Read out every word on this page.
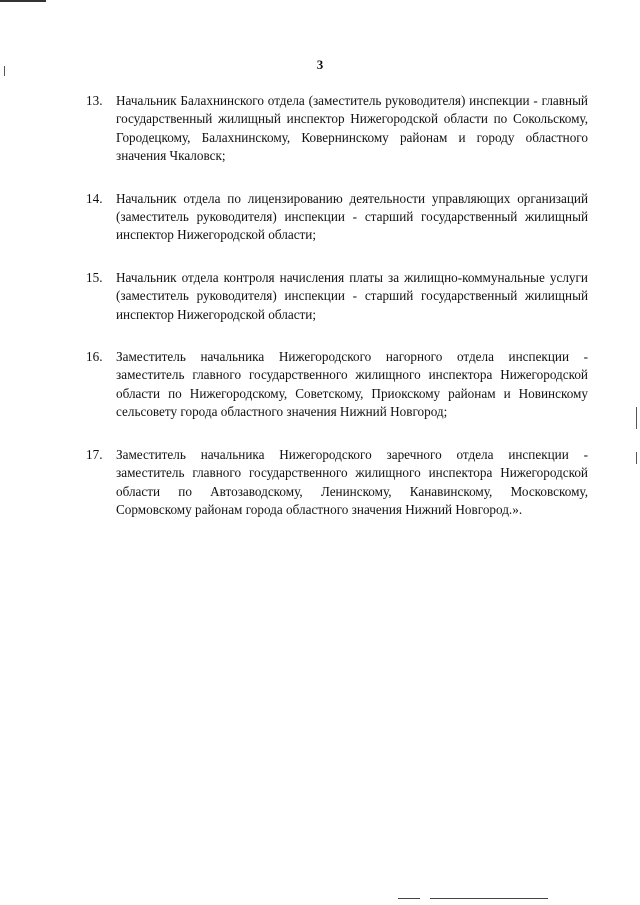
3
13. Начальник Балахнинского отдела (заместитель руководителя) инспекции - главный государственный жилищный инспектор Нижегородской области по Сокольскому, Городецкому, Балахнинскому, Ковернинскому районам и городу областного значения Чкаловск;
14. Начальник отдела по лицензированию деятельности управляющих организаций (заместитель руководителя) инспекции - старший государственный жилищный инспектор Нижегородской области;
15. Начальник отдела контроля начисления платы за жилищно-коммунальные услуги (заместитель руководителя) инспекции - старший государственный жилищный инспектор Нижегородской области;
16. Заместитель начальника Нижегородского нагорного отдела инспекции - заместитель главного государственного жилищного инспектора Нижегородской области по Нижегородскому, Советскому, Приокскому районам и Новинскому сельсовету города областного значения Нижний Новгород;
17. Заместитель начальника Нижегородского заречного отдела инспекции - заместитель главного государственного жилищного инспектора Нижегородской области по Автозаводскому, Ленинскому, Канавинскому, Московскому, Сормовскому районам города областного значения Нижний Новгород.».
